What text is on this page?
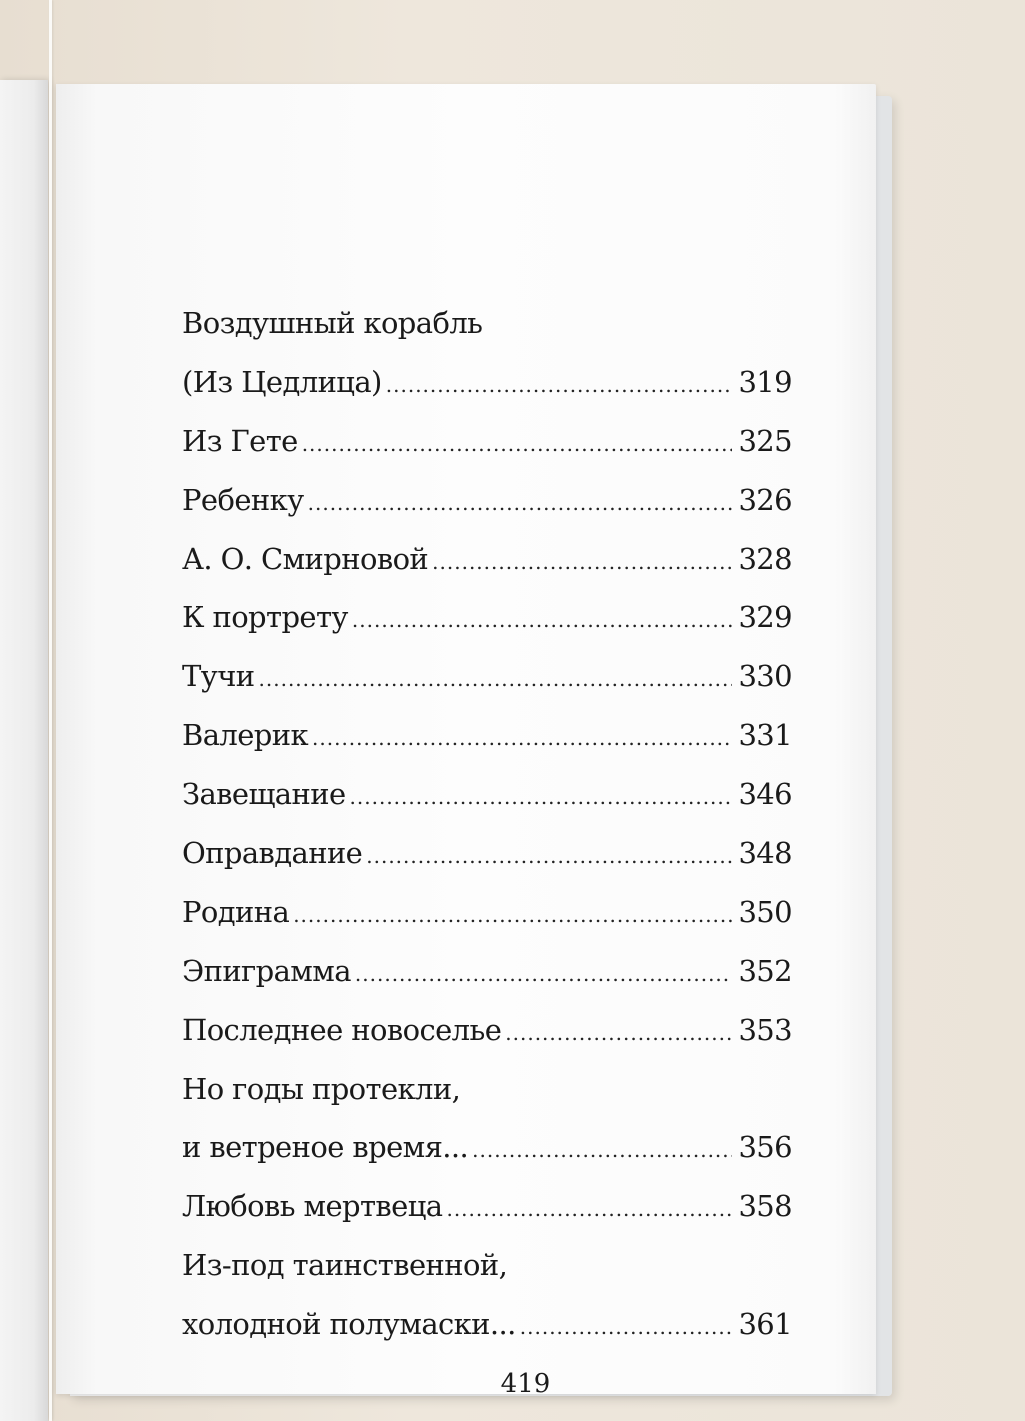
Воздушный корабль
(Из Цедлица) .....	319
Из Гете .....	325
Ребенку .....	326
А. О. Смирновой .....	328
К портрету .....	329
Тучи .....	330
Валерик .....	331
Завещание .....	346
Оправдание .....	348
Родина .....	350
Эпиграмма .....	352
Последнее новоселье .....	353
Но годы протекли,
и ветреное время... .....	356
Любовь мертвеца .....	358
Из-под таинственной,
холодной полумаски... .....	361
419
